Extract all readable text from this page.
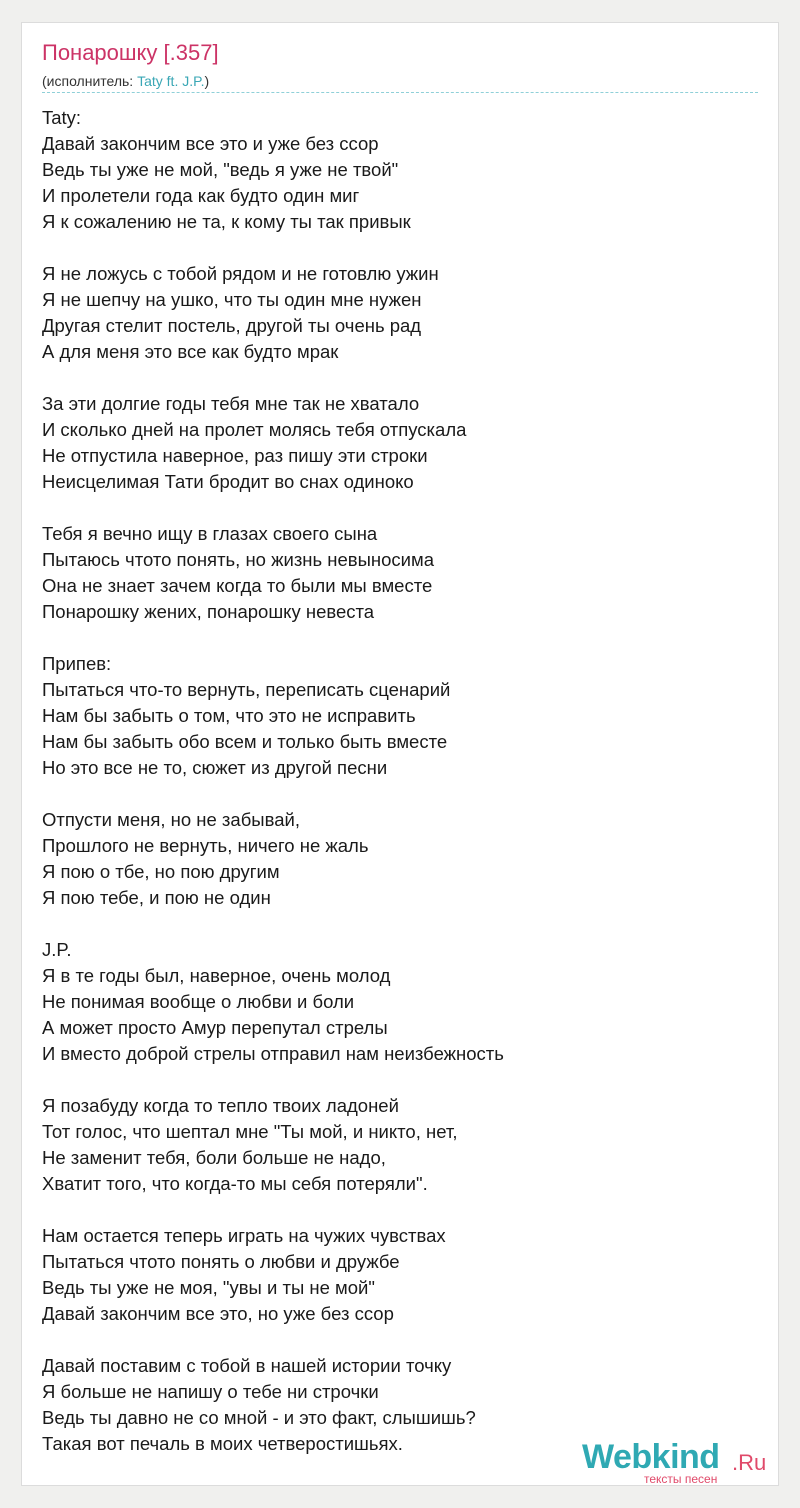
Понарошку [.357]
(исполнитель: Taty ft. J.P.)
Taty:
Давай закончим все это и уже без ссор
Ведь ты уже не мой, "ведь я уже не твой"
И пролетели года как будто один миг
Я к сожалению не та, к кому ты так привык
Я не ложусь с тобой рядом и не готовлю ужин
Я не шепчу на ушко, что ты один мне нужен
Другая стелит постель, другой ты очень рад
А для меня это все как будто мрак
За эти долгие годы тебя мне так не хватало
И сколько дней на пролет молясь тебя отпускала
Не отпустила наверное, раз пишу эти строки
Неисцелимая Тати бродит во снах одиноко
Тебя я вечно ищу в глазах своего сына
Пытаюсь чтото понять, но жизнь невыносима
Она не знает зачем когда то были мы вместе
Понарошку жених, понарошку невеста
Припев:
Пытаться что-то вернуть, переписать сценарий
Нам бы забыть о том, что это не исправить
Нам бы забыть обо всем и только быть вместе
Но это все не то, сюжет из другой песни
Отпусти меня, но не забывай,
Прошлого не вернуть, ничего не жаль
Я пою о тбе, но пою другим
Я пою тебе, и пою не один
J.P.
Я в те годы был, наверное, очень молод
Не понимая вообще о любви и боли
А может просто Амур перепутал стрелы
И вместо доброй стрелы отправил нам неизбежность
Я позабуду когда то тепло твоих ладоней
Тот голос, что шептал мне "Ты мой, и никто, нет,
Не заменит тебя, боли больше не надо,
Хватит того, что когда-то мы себя потеряли".
Нам остается теперь играть на чужих чувствах
Пытаться чтото понять о любви и дружбе
Ведь ты уже не моя, "увы и ты не мой"
Давай закончим все это, но уже без ссор
Давай поставим с тобой в нашей истории точку
Я больше не напишу о тебе ни строчки
Ведь ты давно не со мной - и это факт, слышишь?
Такая вот печаль в моих четверостишьях.	Webkind .Ru
тексты песен
